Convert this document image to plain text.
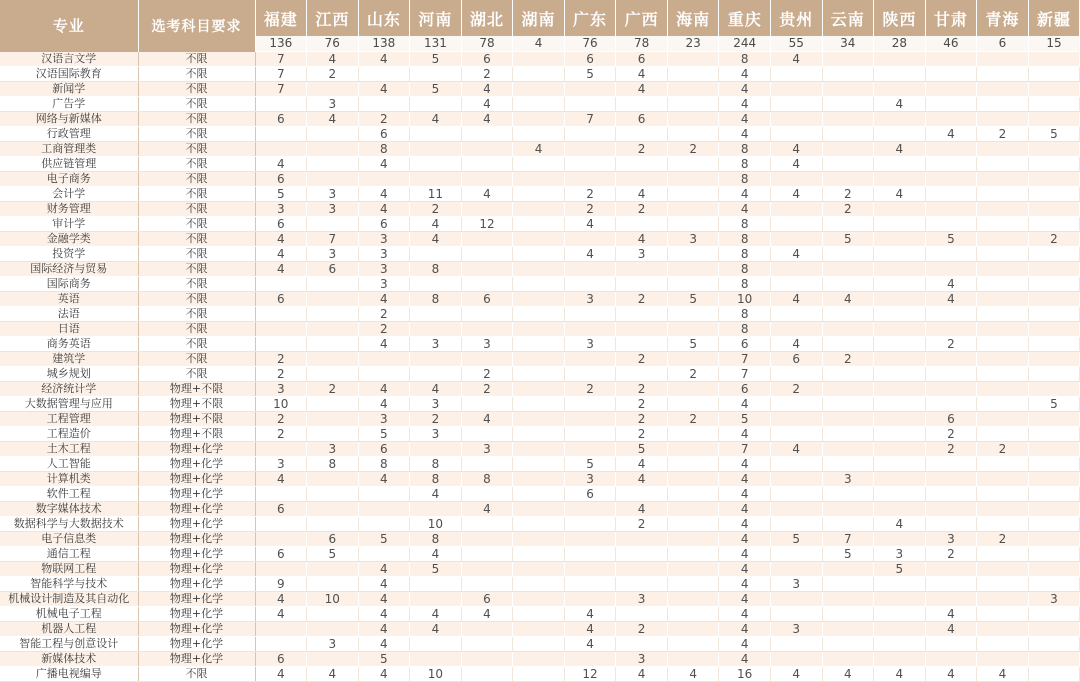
专业	选考科目要求	福建	江西	山东	河南	湖北	湖南	广东	广西	海南	重庆	贵州	云南	陕西	甘肃	青海	新疆
		136	76	138	131	78	4	76	78	23	244	55	34	28	46	6	15
汉语言文学	不限	7	4	4	5	6		6	6		8	4					
汉语国际教育	不限	7	2			2		5	4		4						
新闻学	不限	7		4	5	4			4		4						
广告学	不限		3			4					4			4			
网络与新媒体	不限	6	4	2	4	4		7	6		4						
行政管理	不限			6							4				4	2	5
工商管理类	不限			8			4		2	2	8	4		4			
供应链管理	不限	4		4							8	4					
电子商务	不限	6									8						
会计学	不限	5	3	4	11	4		2	4		4	4	2	4			
财务管理	不限	3	3	4	2			2	2		4		2				
审计学	不限	6		6	4	12		4			8						
金融学类	不限	4	7	3	4				4	3	8		5		5		2
投资学	不限	4	3	3				4	3		8	4					
国际经济与贸易	不限	4	6	3	8						8						
国际商务	不限			3							8				4		
英语	不限	6		4	8	6		3	2	5	10	4	4		4		
法语	不限			2							8						
日语	不限			2							8						
商务英语	不限			4	3	3		3		5	6	4			2		
建筑学	不限	2							2		7	6	2				
城乡规划	不限	2				2				2	7						
经济统计学	物理+不限	3	2	4	4	2		2	2		6	2					
大数据管理与应用	物理+不限	10		4	3				2		4						5
工程管理	物理+不限	2		3	2	4			2	2	5				6		
工程造价	物理+不限	2		5	3				2		4				2		
土木工程	物理+化学		3	6		3			5		7	4			2	2	
人工智能	物理+化学	3	8	8	8			5	4		4						
计算机类	物理+化学	4		4	8	8		3	4		4		3				
软件工程	物理+化学				4			6			4						
数字媒体技术	物理+化学	6				4			4		4						
数据科学与大数据技术	物理+化学				10				2		4			4			
电子信息类	物理+化学		6	5	8						4	5	7		3	2	
通信工程	物理+化学	6	5		4						4		5	3	2		
物联网工程	物理+化学			4	5						4			5			
智能科学与技术	物理+化学	9		4							4	3					
机械设计制造及其自动化	物理+化学	4	10	4		6			3		4						3
机械电子工程	物理+化学	4		4	4	4		4			4				4		
机器人工程	物理+化学			4	4			4	2		4	3			4		
智能工程与创意设计	物理+化学		3	4				4			4						
新媒体技术	物理+化学	6		5					3		4						
广播电视编导	不限	4	4	4	10			12	4	4	16	4	4	4	4	4	
